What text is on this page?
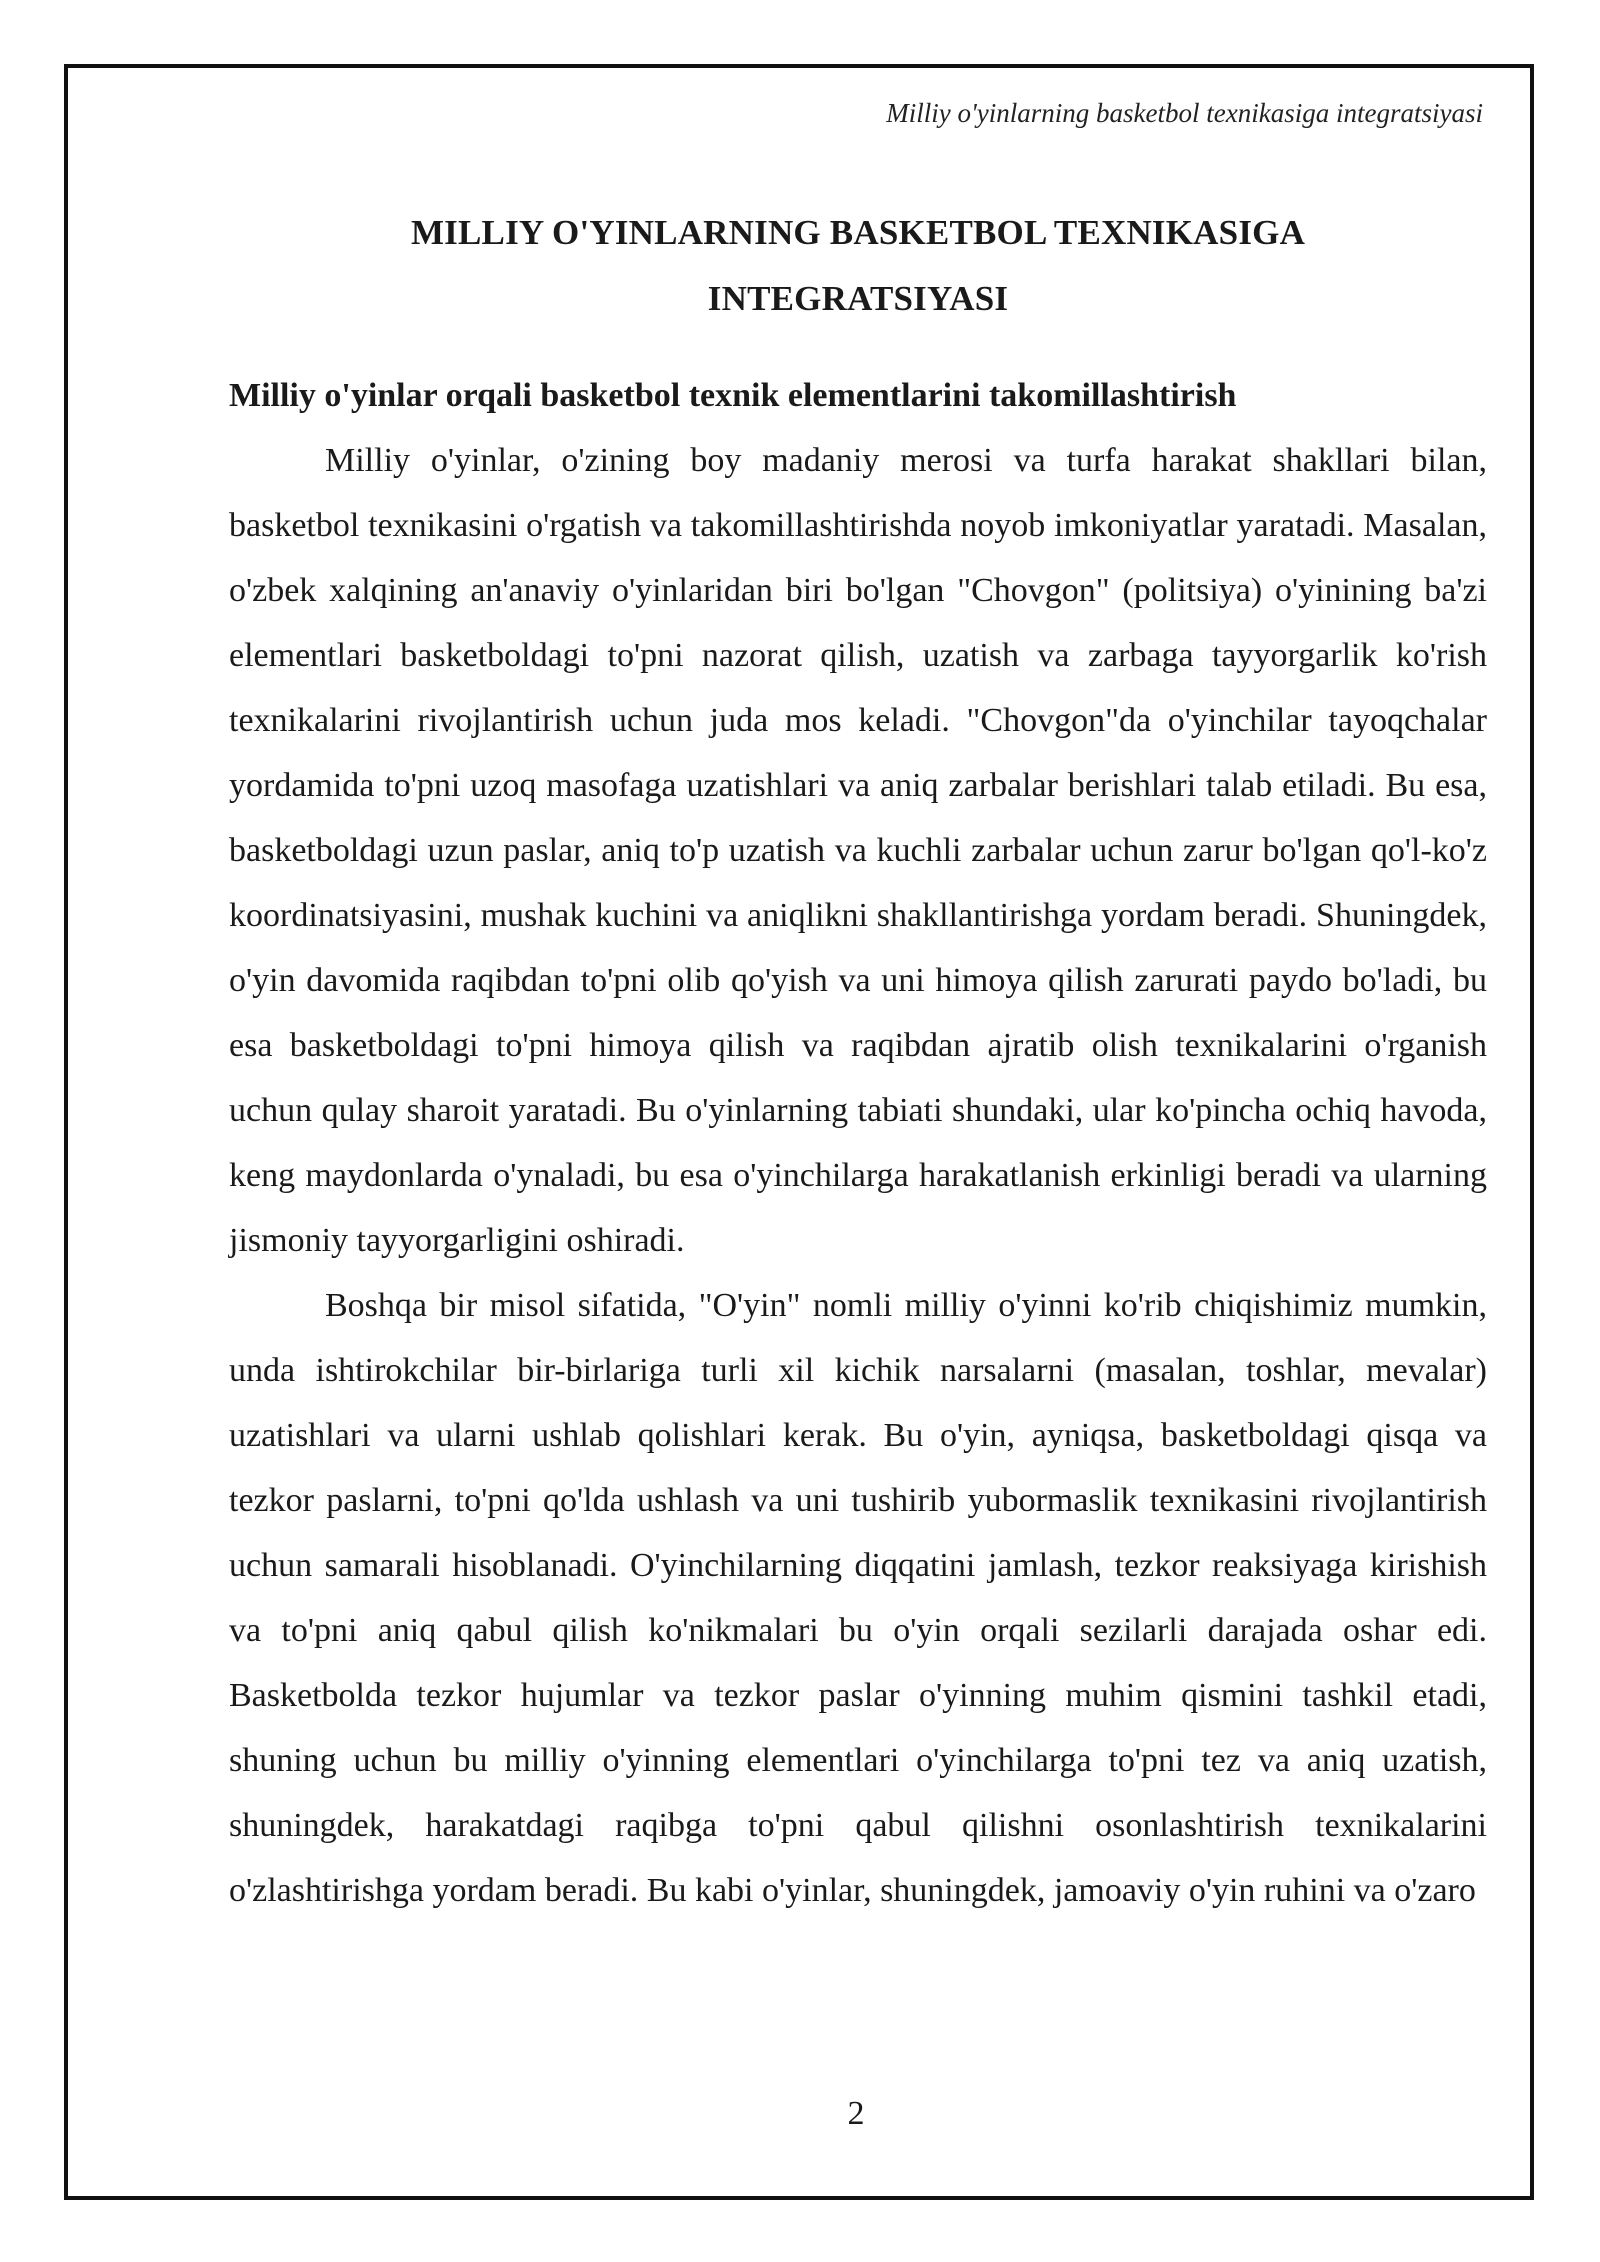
Milliy o'yinlarning basketbol texnikasiga integratsiyasi
MILLIY O'YINLARNING BASKETBOL TEXNIKASIGA
INTEGRATSIYASI
Milliy o'yinlar orqali basketbol texnik elementlarini takomillashtirish

Milliy o'yinlar, o'zining boy madaniy merosi va turfa harakat shakllari bilan, basketbol texnikasini o'rgatish va takomillashtirishda noyob imkoniyatlar yaratadi. Masalan, o'zbek xalqining an'anaviy o'yinlaridan biri bo'lgan "Chovgon" (politsiya) o'yinining ba'zi elementlari basketboldagi to'pni nazorat qilish, uzatish va zarbaga tayyorgarlik ko'rish texnikalarini rivojlantirish uchun juda mos keladi. "Chovgon"da o'yinchilar tayoqchalar yordamida to'pni uzoq masofaga uzatishlari va aniq zarbalar berishlari talab etiladi. Bu esa, basketboldagi uzun paslar, aniq to'p uzatish va kuchli zarbalar uchun zarur bo'lgan qo'l-ko'z koordinatsiyasini, mushak kuchini va aniqlikni shakllantirishga yordam beradi. Shuningdek, o'yin davomida raqibdan to'pni olib qo'yish va uni himoya qilish zarurati paydo bo'ladi, bu esa basketboldagi to'pni himoya qilish va raqibdan ajratib olish texnikalarini o'rganish uchun qulay sharoit yaratadi. Bu o'yinlarning tabiati shundaki, ular ko'pincha ochiq havoda, keng maydonlarda o'ynaladi, bu esa o'yinchilarga harakatlanish erkinligi beradi va ularning jismoniy tayyorgarligini oshiradi.

Boshqa bir misol sifatida, "O'yin" nomli milliy o'yinni ko'rib chiqishimiz mumkin, unda ishtirokchilar bir-birlariga turli xil kichik narsalarni (masalan, toshlar, mevalar) uzatishlari va ularni ushlab qolishlari kerak. Bu o'yin, ayniqsa, basketboldagi qisqa va tezkor paslarni, to'pni qo'lda ushlash va uni tushirib yubormaslik texnikasini rivojlantirish uchun samarali hisoblanadi. O'yinchilarning diqqatini jamlash, tezkor reaksiyaga kirishish va to'pni aniq qabul qilish ko'nikmalari bu o'yin orqali sezilarli darajada oshar edi. Basketbolda tezkor hujumlar va tezkor paslar o'yinning muhim qismini tashkil etadi, shuning uchun bu milliy o'yinning elementlari o'yinchilarga to'pni tez va aniq uzatish, shuningdek, harakatdagi raqibga to'pni qabul qilishni osonlashtirish texnikalarini o'zlashtirishga yordam beradi. Bu kabi o'yinlar, shuningdek, jamoaviy o'yin ruhini va o'zaro

2
